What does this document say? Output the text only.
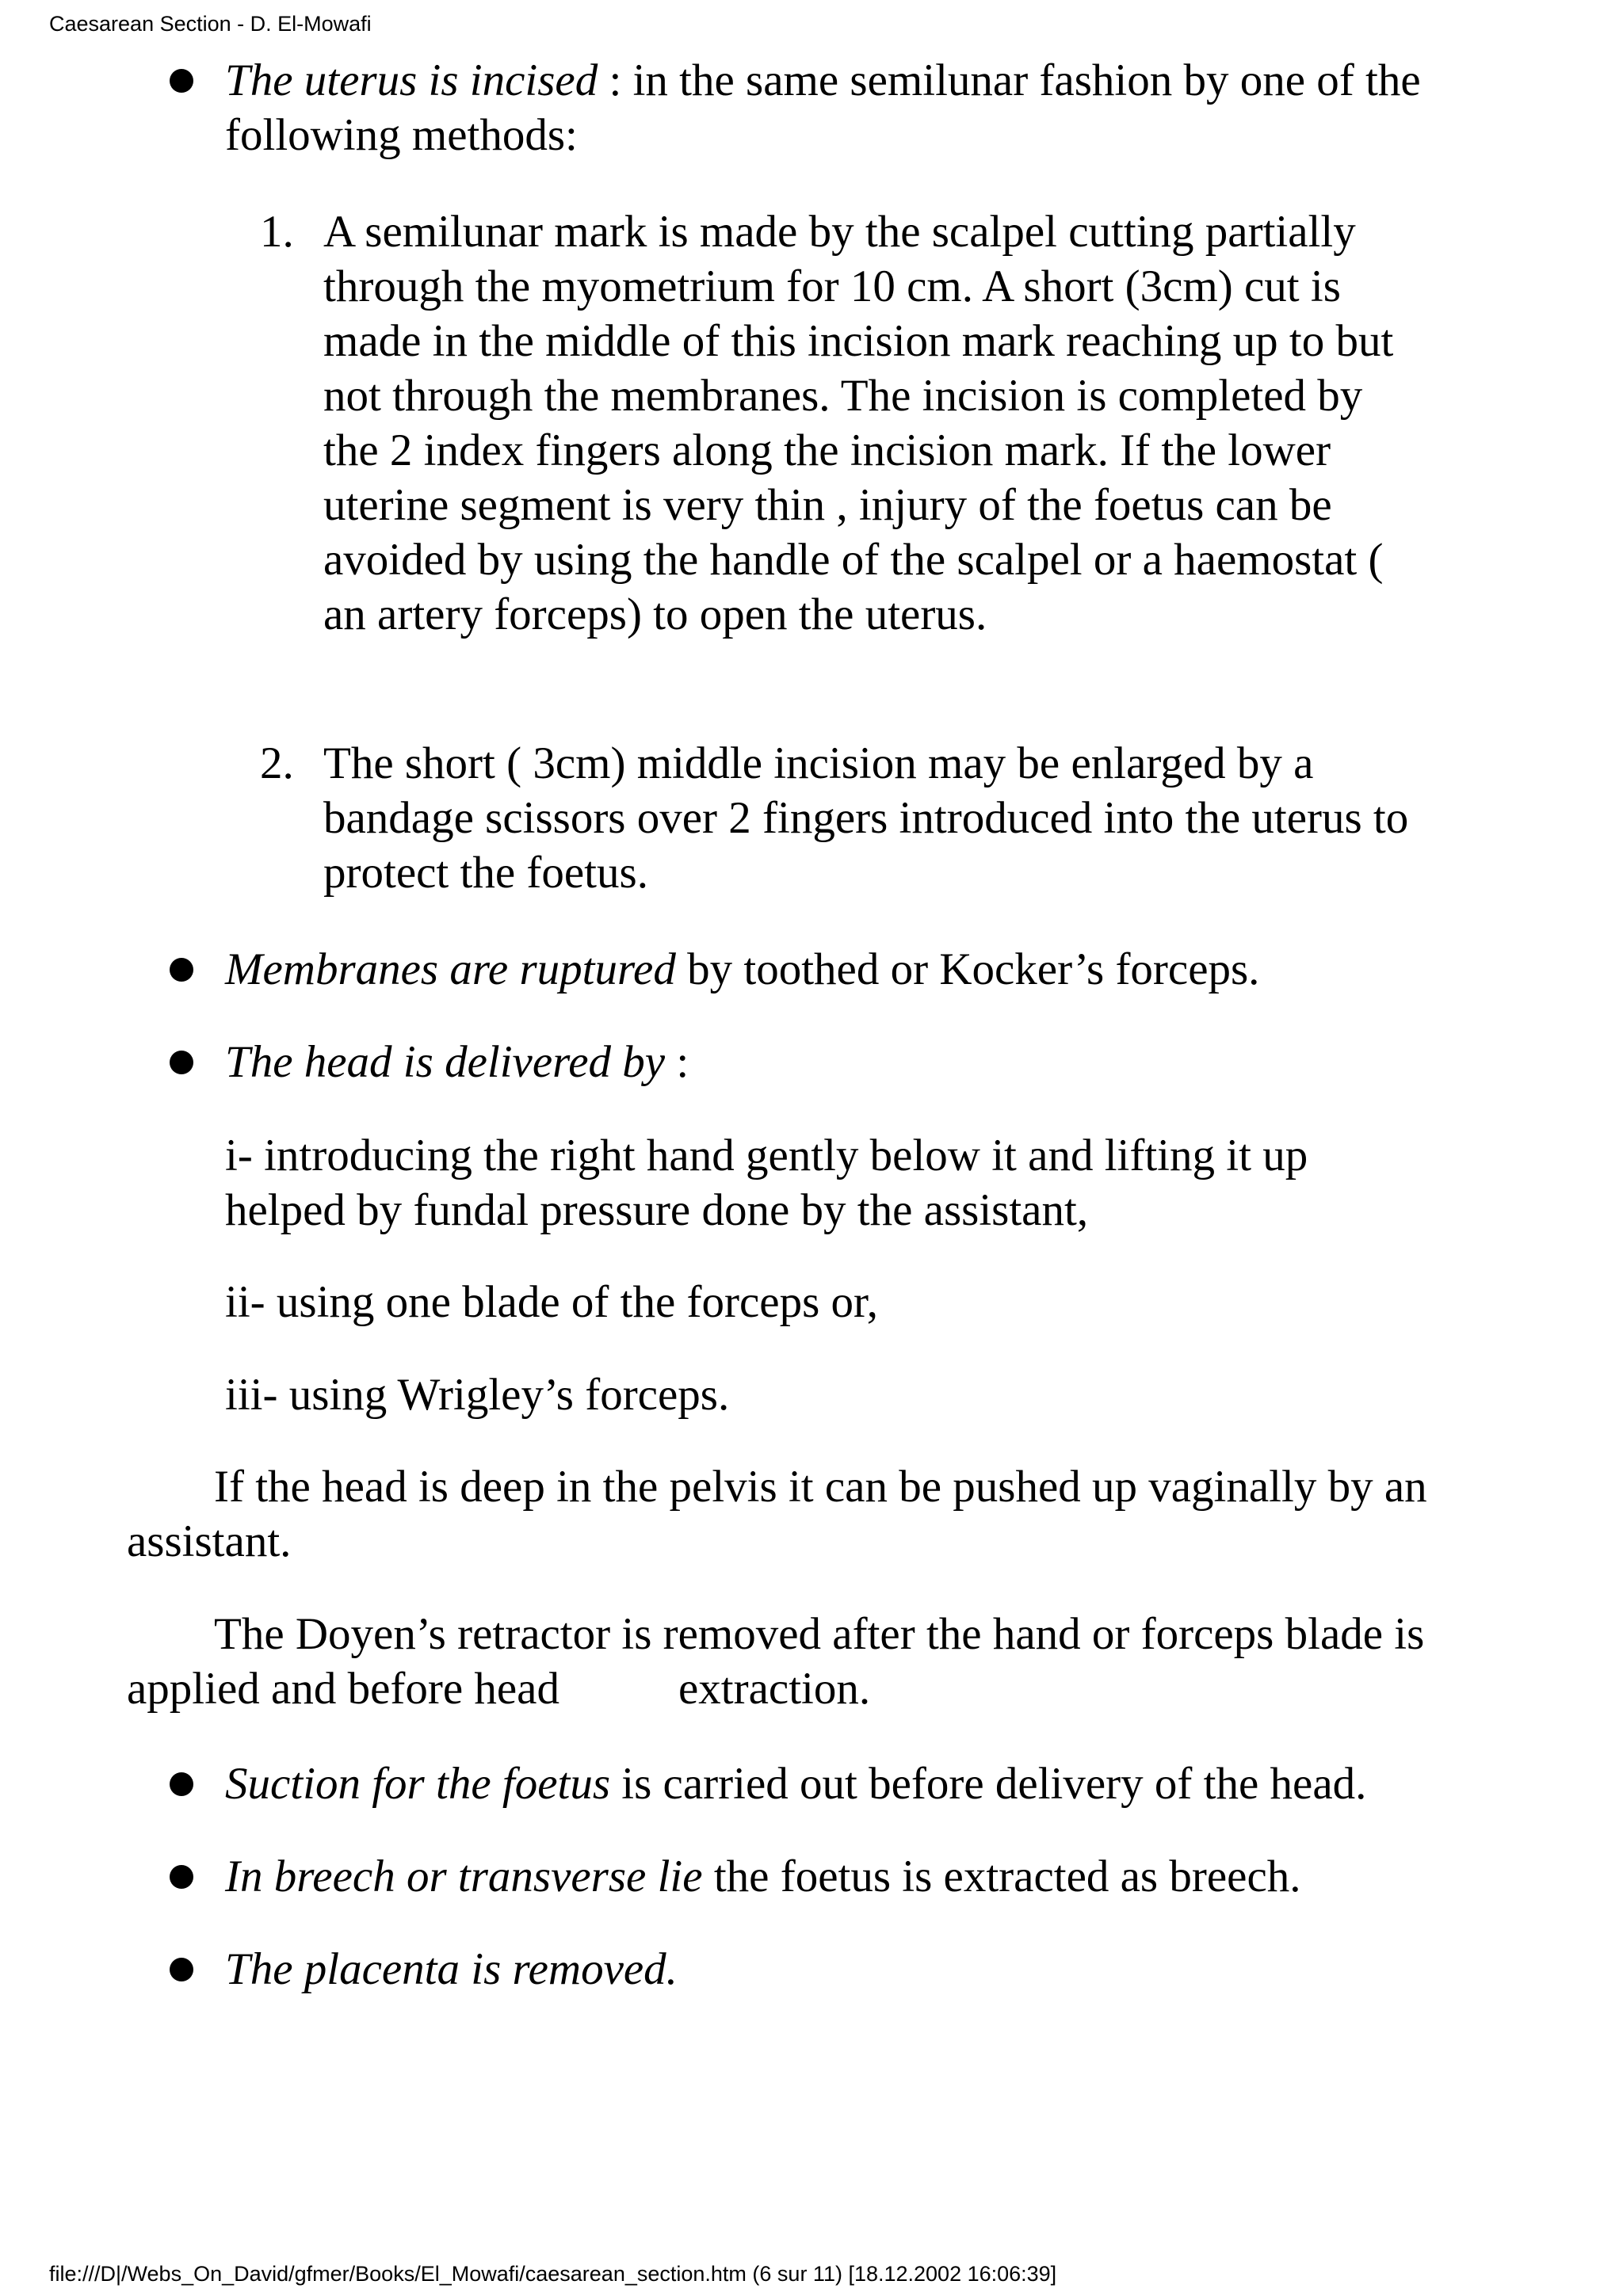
Caesarean Section - D. El-Mowafi
The uterus is incised : in the same semilunar fashion by one of the following methods:
1. A semilunar mark is made by the scalpel cutting partially through the myometrium for 10 cm. A short (3cm) cut is made in the middle of this incision mark reaching up to but not through the membranes. The incision is completed by the 2 index fingers along the incision mark. If the lower uterine segment is very thin , injury of the foetus can be avoided by using the handle of the scalpel or a haemostat ( an artery forceps) to open the uterus.
2. The short ( 3cm) middle incision may be enlarged by a bandage scissors over 2 fingers introduced into the uterus to protect the foetus.
Membranes are ruptured by toothed or Kocker’s forceps.
The head is delivered by :
i- introducing the right hand gently below it and lifting it up helped by fundal pressure done by the assistant,
ii- using one blade of the forceps or,
iii- using Wrigley’s forceps.
If the head is deep in the pelvis it can be pushed up vaginally by an assistant.
The Doyen’s retractor is removed after the hand or forceps blade is applied and before head	extraction.
Suction for the foetus is carried out before delivery of the head.
In breech or transverse lie the foetus is extracted as breech.
The placenta is removed.
file:///D|/Webs_On_David/gfmer/Books/El_Mowafi/caesarean_section.htm (6 sur 11) [18.12.2002 16:06:39]
